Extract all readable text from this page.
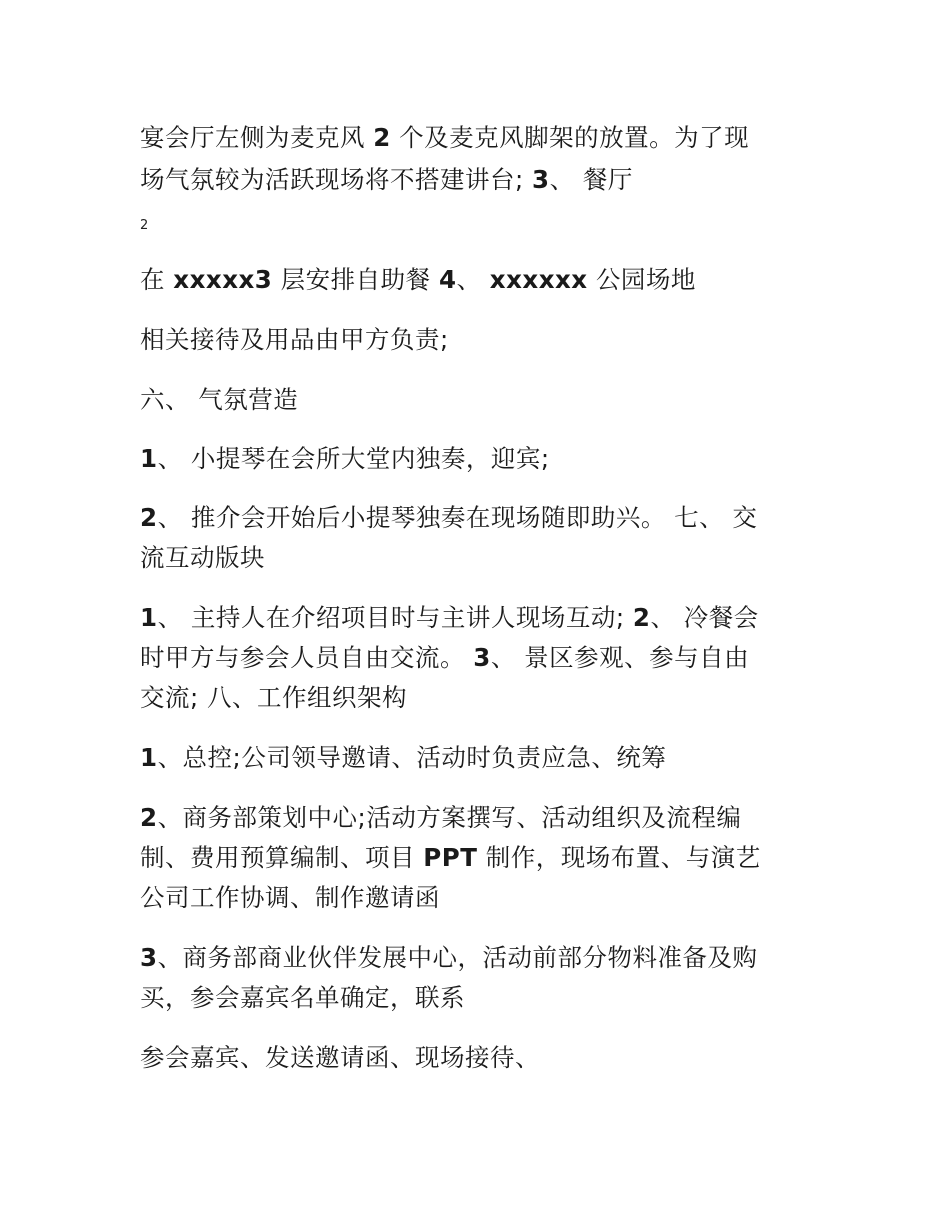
宴会厅左侧为麦克风 2 个及麦克风脚架的放置。为了现
场气氛较为活跃现场将不搭建讲台; 3、 餐厅
2
在 xxxxx3 层安排自助餐 4、 xxxxxx 公园场地
相关接待及用品由甲方负责;
六、 气氛营造
1、 小提琴在会所大堂内独奏，迎宾;
2、 推介会开始后小提琴独奏在现场随即助兴。 七、 交
流互动版块
1、 主持人在介绍项目时与主讲人现场互动; 2、 冷餐会
时甲方与参会人员自由交流。 3、 景区参观、参与自由
交流; 八、工作组织架构
1、总控;公司领导邀请、活动时负责应急、统筹
2、商务部策划中心;活动方案撰写、活动组织及流程编
制、费用预算编制、项目 PPT 制作，现场布置、与演艺
公司工作协调、制作邀请函
3、商务部商业伙伴发展中心，活动前部分物料准备及购
买，参会嘉宾名单确定，联系
参会嘉宾、发送邀请函、现场接待、
